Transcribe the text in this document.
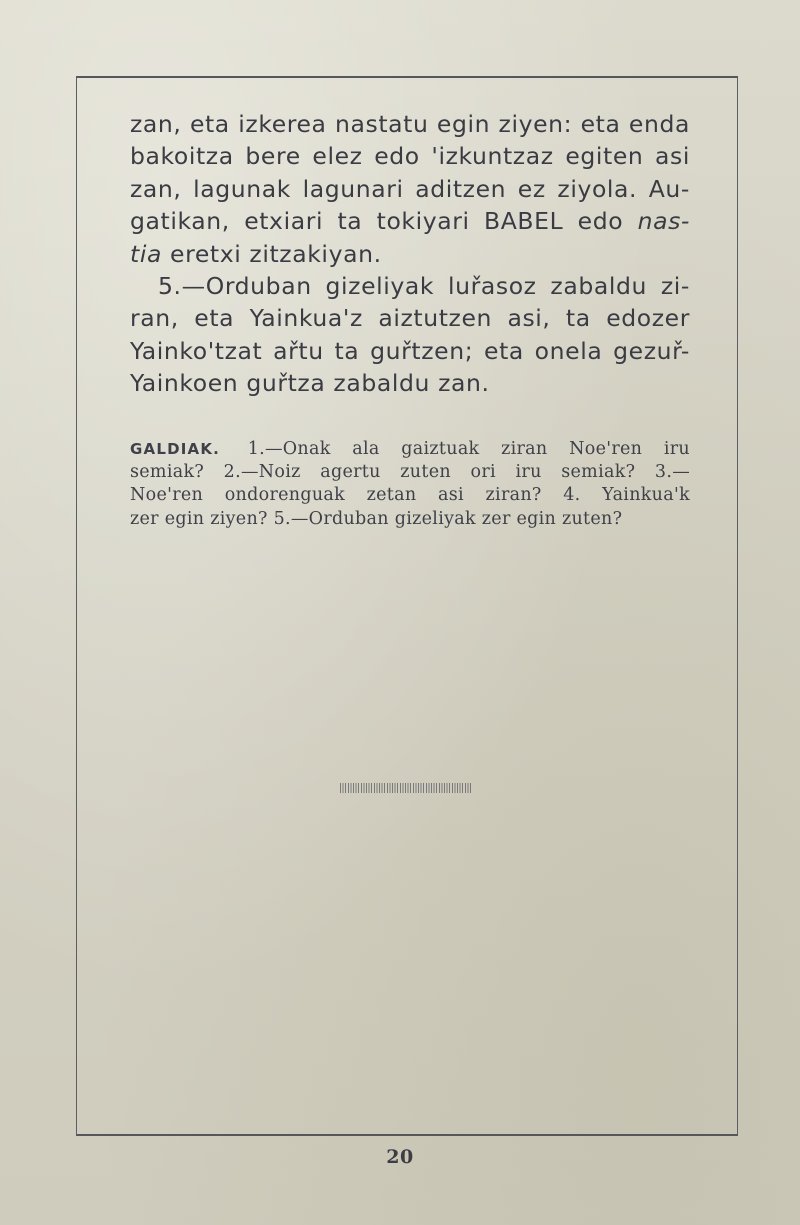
zan, eta izkerea nastatu egin ziyen: eta enda
bakoitza bere elez edo 'izkuntzaz egiten asi
zan, lagunak lagunari aditzen ez ziyola. Au-
gatikan, etxiari ta tokiyari BABEL edo nas-
tia eretxi zitzakiyan.

5.—Orduban gizeliyak luřasoz zabaldu zi-
ran, eta Yainkua'z aiztutzen asi, ta edozer
Yainko'tzat ařtu ta guřtzen; eta onela gezuř-
Yainkoen guřtza zabaldu zan.

GALDIAK. 1.—Onak ala gaiztuak ziran Noe'ren iru
semiak? 2.—Noiz agertu zuten ori iru semiak? 3.—
Noe'ren ondorenguak zetan asi ziran? 4. Yainkua'k
zer egin ziyen? 5.—Orduban gizeliyak zer egin zuten?
20
